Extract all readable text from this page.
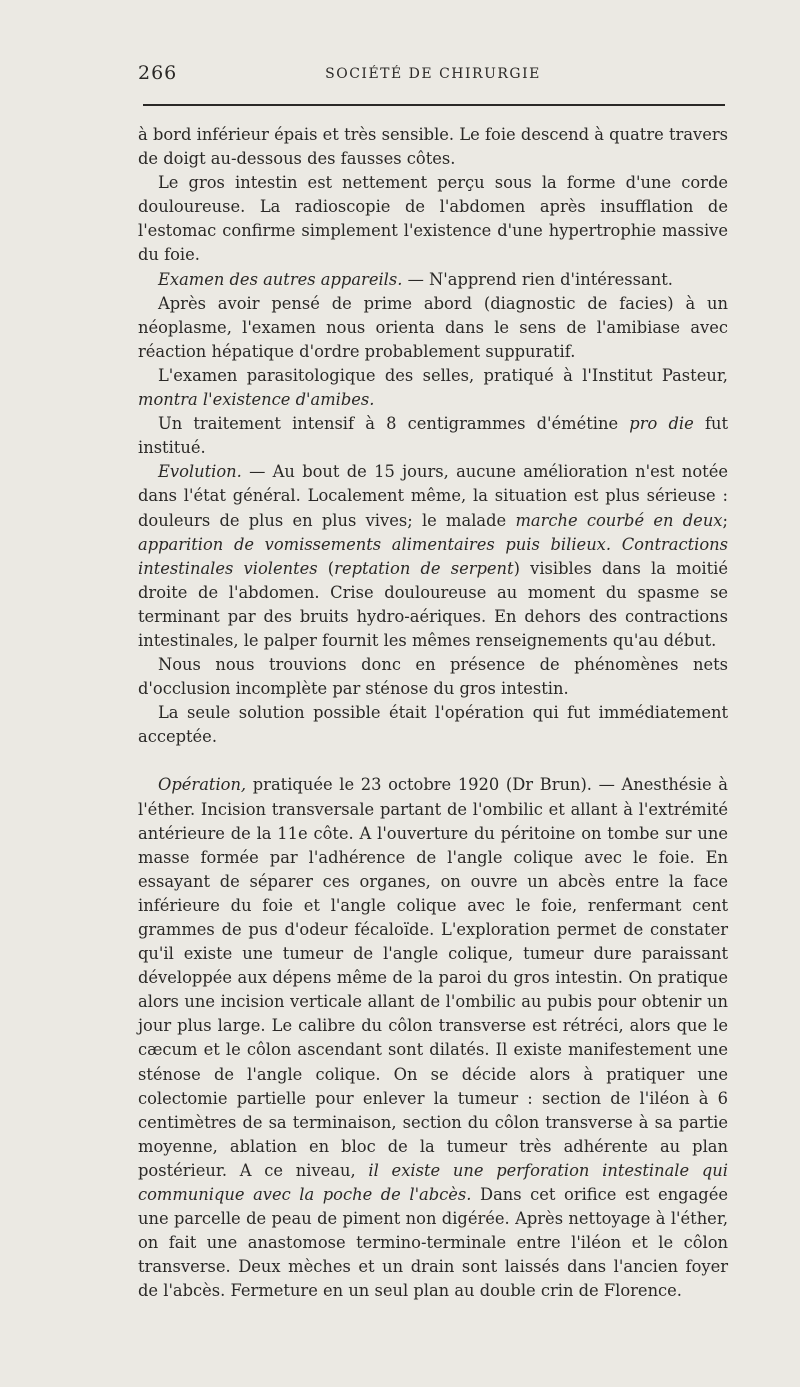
266	SOCIÉTÉ DE CHIRURGIE

à bord inférieur épais et très sensible. Le foie descend à quatre travers de doigt au-dessous des fausses côtes.

Le gros intestin est nettement perçu sous la forme d'une corde douloureuse. La radioscopie de l'abdomen après insufflation de l'estomac confirme simplement l'existence d'une hypertrophie massive du foie.

Examen des autres appareils. — N'apprend rien d'intéressant.

Après avoir pensé de prime abord (diagnostic de facies) à un néoplasme, l'examen nous orienta dans le sens de l'amibiase avec réaction hépatique d'ordre probablement suppuratif.

L'examen parasitologique des selles, pratiqué à l'Institut Pasteur, montra l'existence d'amibes.

Un traitement intensif à 8 centigrammes d'émétine pro die fut institué.

Evolution. — Au bout de 15 jours, aucune amélioration n'est notée dans l'état général. Localement même, la situation est plus sérieuse : douleurs de plus en plus vives; le malade marche courbé en deux; apparition de vomissements alimentaires puis bilieux. Contractions intestinales violentes (reptation de serpent) visibles dans la moitié droite de l'abdomen. Crise douloureuse au moment du spasme se terminant par des bruits hydro-aériques. En dehors des contractions intestinales, le palper fournit les mêmes renseignements qu'au début.

Nous nous trouvions donc en présence de phénomènes nets d'occlusion incomplète par sténose du gros intestin.

La seule solution possible était l'opération qui fut immédiatement acceptée.

Opération, pratiquée le 23 octobre 1920 (Dr Brun). — Anesthésie à l'éther. Incision transversale partant de l'ombilic et allant à l'extrémité antérieure de la 11e côte. A l'ouverture du péritoine on tombe sur une masse formée par l'adhérence de l'angle colique avec le foie. En essayant de séparer ces organes, on ouvre un abcès entre la face inférieure du foie et l'angle colique avec le foie, renfermant cent grammes de pus d'odeur fécaloïde. L'exploration permet de constater qu'il existe une tumeur de l'angle colique, tumeur dure paraissant développée aux dépens même de la paroi du gros intestin. On pratique alors une incision verticale allant de l'ombilic au pubis pour obtenir un jour plus large. Le calibre du côlon transverse est rétréci, alors que le cæcum et le côlon ascendant sont dilatés. Il existe manifestement une sténose de l'angle colique. On se décide alors à pratiquer une colectomie partielle pour enlever la tumeur : section de l'iléon à 6 centimètres de sa terminaison, section du côlon transverse à sa partie moyenne, ablation en bloc de la tumeur très adhérente au plan postérieur. A ce niveau, il existe une perforation intestinale qui communique avec la poche de l'abcès. Dans cet orifice est engagée une parcelle de peau de piment non digérée. Après nettoyage à l'éther, on fait une anastomose termino-terminale entre l'iléon et le côlon transverse. Deux mèches et un drain sont laissés dans l'ancien foyer de l'abcès. Fermeture en un seul plan au double crin de Florence.
